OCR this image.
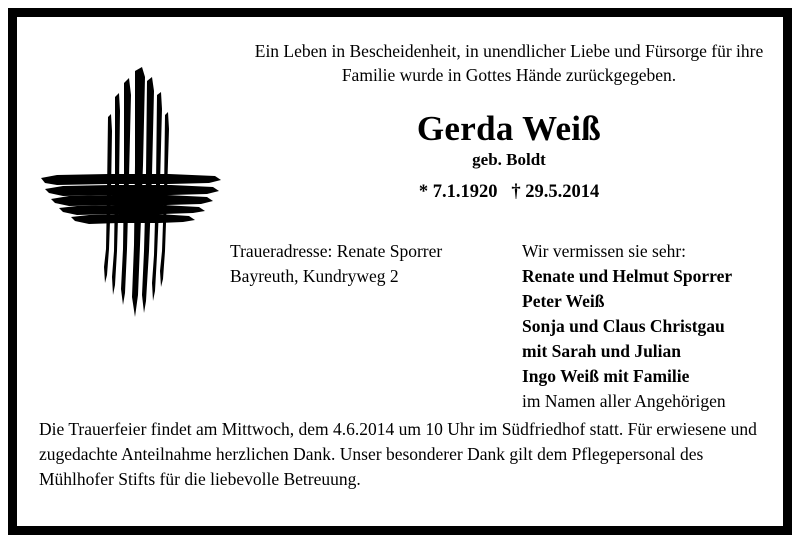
Ein Leben in Bescheidenheit, in unendlicher Liebe und Fürsorge für ihre Familie wurde in Gottes Hände zurückgegeben.
Gerda Weiß
geb. Boldt
* 7.1.1920   † 29.5.2014
Traueradresse: Renate Sporrer
Bayreuth, Kundryweg 2
Wir vermissen sie sehr:
Renate und Helmut Sporrer
Peter Weiß
Sonja und Claus Christgau
mit Sarah und Julian
Ingo Weiß mit Familie
im Namen aller Angehörigen
Die Trauerfeier findet am Mittwoch, dem 4.6.2014 um 10 Uhr im Südfriedhof statt. Für erwiesene und zugedachte Anteilnahme herzlichen Dank. Unser besonderer Dank gilt dem Pflegepersonal des Mühlhofer Stifts für die liebevolle Betreuung.
